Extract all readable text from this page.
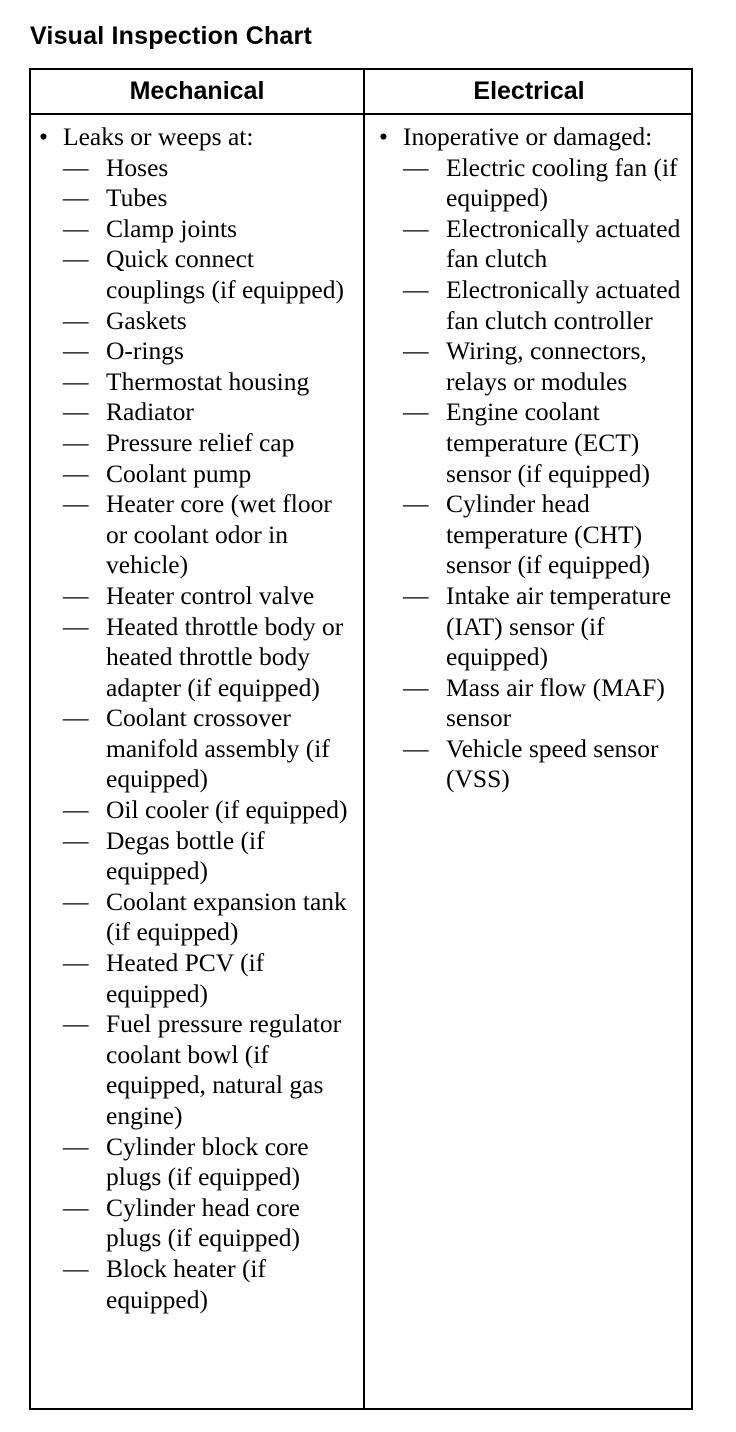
Visual Inspection Chart
Mechanical	Electrical
• Leaks or weeps at:
— Hoses
— Tubes
— Clamp joints
— Quick connect couplings (if equipped)
— Gaskets
— O-rings
— Thermostat housing
— Radiator
— Pressure relief cap
— Coolant pump
— Heater core (wet floor or coolant odor in vehicle)
— Heater control valve
— Heated throttle body or heated throttle body adapter (if equipped)
— Coolant crossover manifold assembly (if equipped)
— Oil cooler (if equipped)
— Degas bottle (if equipped)
— Coolant expansion tank (if equipped)
— Heated PCV (if equipped)
— Fuel pressure regulator coolant bowl (if equipped, natural gas engine)
— Cylinder block core plugs (if equipped)
— Cylinder head core plugs (if equipped)
— Block heater (if equipped)
• Inoperative or damaged:
— Electric cooling fan (if equipped)
— Electronically actuated fan clutch
— Electronically actuated fan clutch controller
— Wiring, connectors, relays or modules
— Engine coolant temperature (ECT) sensor (if equipped)
— Cylinder head temperature (CHT) sensor (if equipped)
— Intake air temperature (IAT) sensor (if equipped)
— Mass air flow (MAF) sensor
— Vehicle speed sensor (VSS)
